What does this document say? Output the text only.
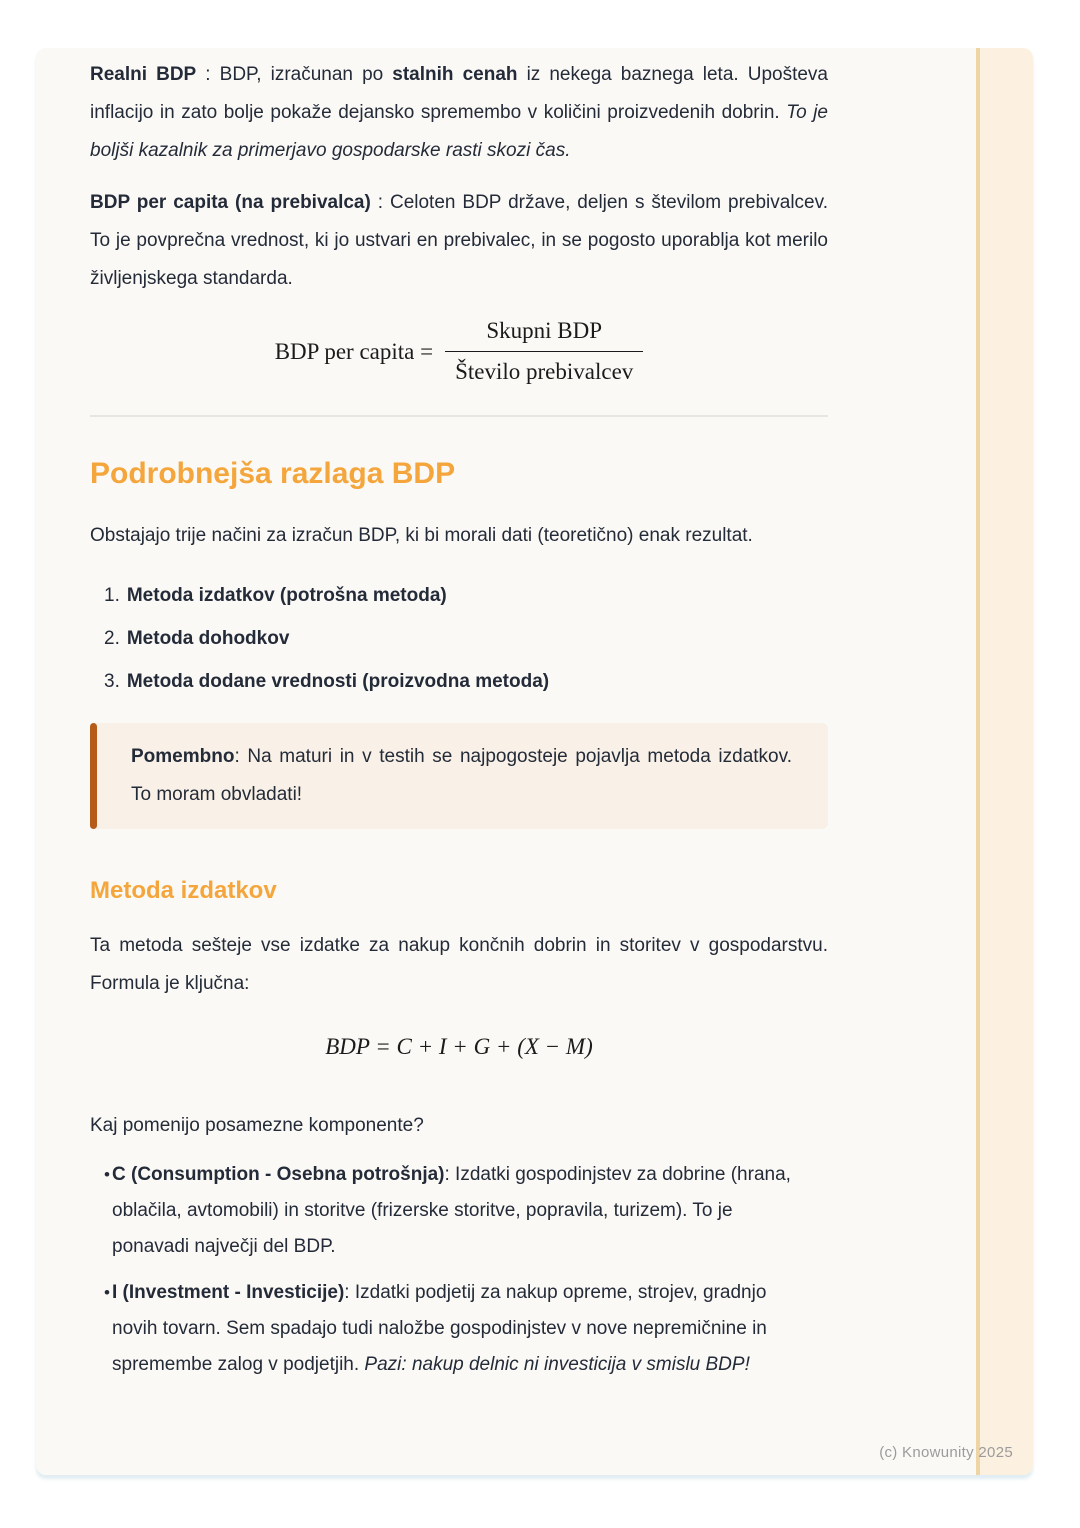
Realni BDP : BDP, izračunan po stalnih cenah iz nekega baznega leta. Upošteva inflacijo in zato bolje pokaže dejansko spremembo v količini proizvedenih dobrin. To je boljši kazalnik za primerjavo gospodarske rasti skozi čas.

BDP per capita (na prebivalca) : Celoten BDP države, deljen s številom prebivalcev. To je povprečna vrednost, ki jo ustvari en prebivalec, in se pogosto uporablja kot merilo življenjskega standarda.

BDP per capita = $\frac{\text{Skupni BDP}}{\text{Število prebivalcev}}$
Podrobnejša razlaga BDP

Obstajajo trije načini za izračun BDP, ki bi morali dati (teoretično) enak rezultat.

1. Metoda izdatkov (potrošna metoda)
2. Metoda dohodkov
3. Metoda dodane vrednosti (proizvodna metoda)

Pomembno: Na maturi in v testih se najpogosteje pojavlja metoda izdatkov. To moram obvladati!

Metoda izdatkov

Ta metoda sešteje vse izdatke za nakup končnih dobrin in storitev v gospodarstvu. Formula je ključna:

BDP = C + I + G + (X − M)

Kaj pomenijo posamezne komponente?

• C (Consumption - Osebna potrošnja): Izdatki gospodinjstev za dobrine (hrana, oblačila, avtomobili) in storitve (frizerske storitve, popravila, turizem). To je ponavadi največji del BDP.
• I (Investment - Investicije): Izdatki podjetij za nakup opreme, strojev, gradnjo novih tovarn. Sem spadajo tudi naložbe gospodinjstev v nove nepremičnine in spremembe zalog v podjetjih. Pazi: nakup delnic ni investicija v smislu BDP!
(c) Knowunity 2025
